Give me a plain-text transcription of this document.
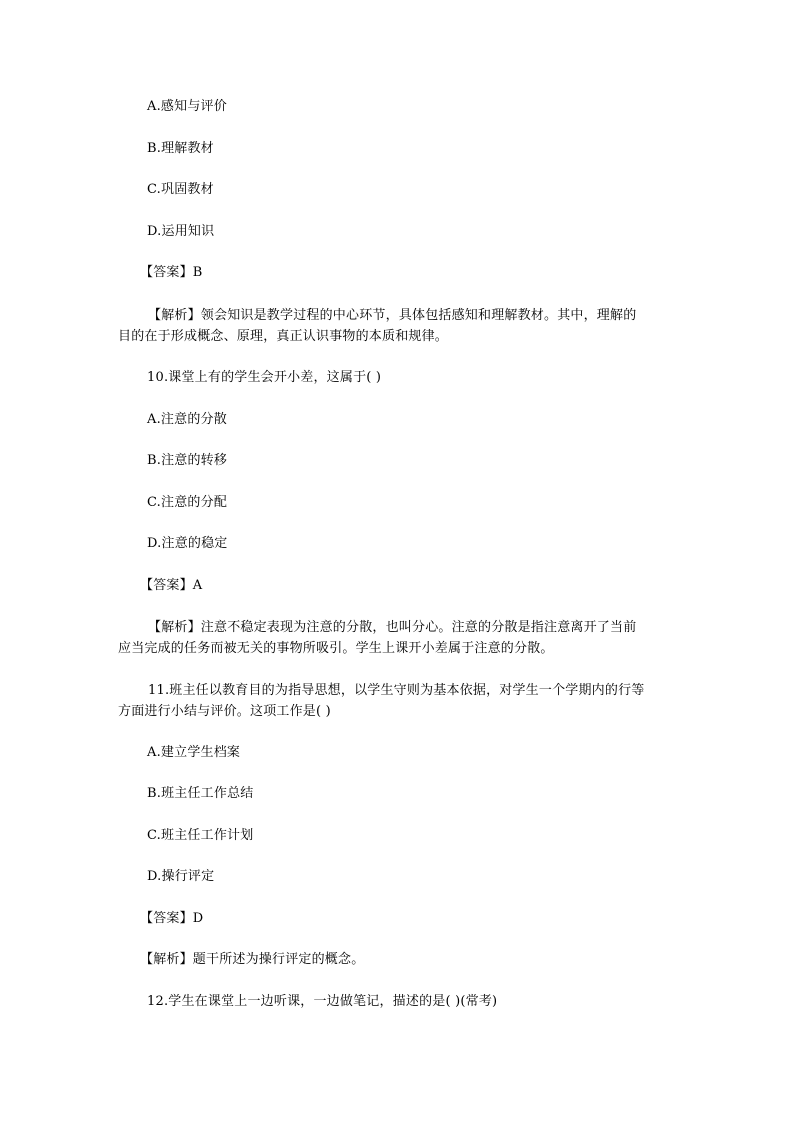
A.感知与评价
B.理解教材
C.巩固教材
D.运用知识
【答案】B
【解析】领会知识是教学过程的中心环节，具体包括感知和理解教材。其中，理解的
目的在于形成概念、原理，真正认识事物的本质和规律。
10.课堂上有的学生会开小差，这属于( )
A.注意的分散
B.注意的转移
C.注意的分配
D.注意的稳定
【答案】A
【解析】注意不稳定表现为注意的分散，也叫分心。注意的分散是指注意离开了当前
应当完成的任务而被无关的事物所吸引。学生上课开小差属于注意的分散。
11.班主任以教育目的为指导思想，以学生守则为基本依据，对学生一个学期内的行等
方面进行小结与评价。这项工作是( )
A.建立学生档案
B.班主任工作总结
C.班主任工作计划
D.操行评定
【答案】D
【解析】题干所述为操行评定的概念。
12.学生在课堂上一边听课，一边做笔记，描述的是( )(常考)
